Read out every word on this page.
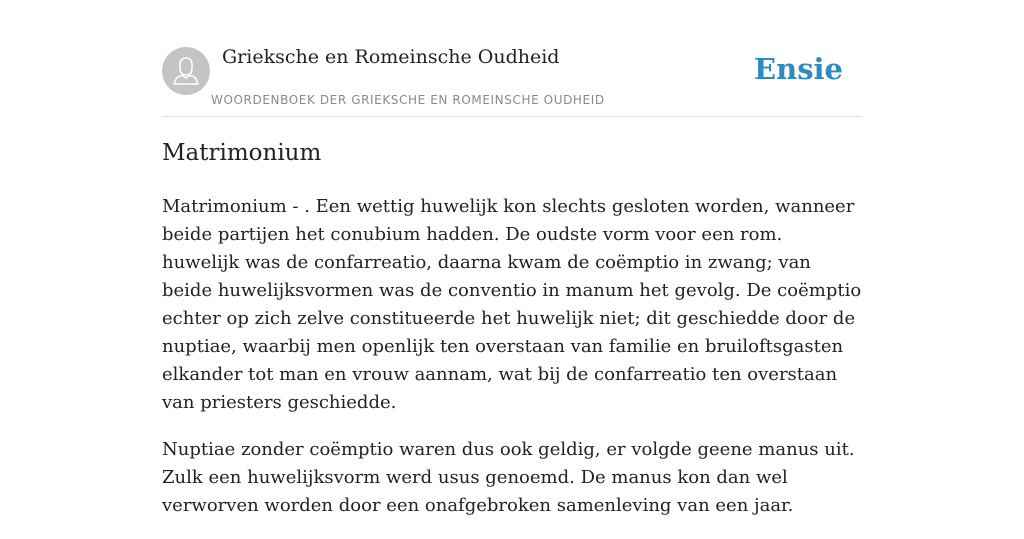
Grieksche en Romeinsche Oudheid
WOORDENBOEK DER GRIEKSCHE EN ROMEINSCHE OUDHEID
Ensie
Matrimonium

Matrimonium - . Een wettig huwelijk kon slechts gesloten worden, wanneer beide partijen het conubium hadden. De oudste vorm voor een rom. huwelijk was de confarreatio, daarna kwam de coëmptio in zwang; van beide huwelijksvormen was de conventio in manum het gevolg. De coëmptio echter op zich zelve constitueerde het huwelijk niet; dit geschiedde door de nuptiae, waarbij men openlijk ten overstaan van familie en bruiloftsgasten elkander tot man en vrouw aannam, wat bij de confarreatio ten overstaan van priesters geschiedde.

Nuptiae zonder coëmptio waren dus ook geldig, er volgde geene manus uit. Zulk een huwelijksvorm werd usus genoemd. De manus kon dan wel verworven worden door een onafgebroken samenleving van een jaar.
